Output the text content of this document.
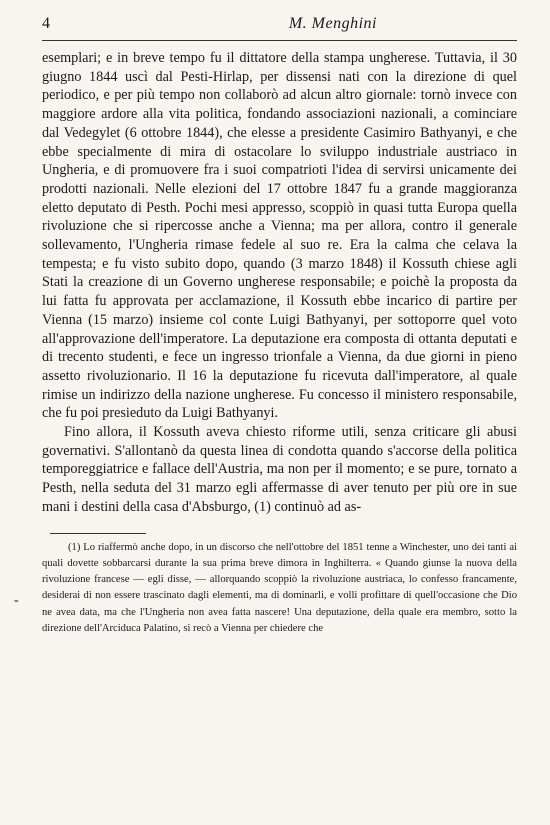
4	M. Menghini

esemplari; e in breve tempo fu il dittatore della stampa ungherese. Tuttavia, il 30 giugno 1844 uscì dal Pesti-Hirlap, per dissensi nati con la direzione di quel periodico, e per più tempo non collaborò ad alcun altro giornale: tornò invece con maggiore ardore alla vita politica, fondando associazioni nazionali, a cominciare dal Vedegylet (6 ottobre 1844), che elesse a presidente Casimiro Bathyanyi, e che ebbe specialmente di mira di ostacolare lo sviluppo industriale austriaco in Ungheria, e di promuovere fra i suoi compatrioti l'idea di servirsi unicamente dei prodotti nazionali. Nelle elezioni del 17 ottobre 1847 fu a grande maggioranza eletto deputato di Pesth. Pochi mesi appresso, scoppiò in quasi tutta Europa quella rivoluzione che si ripercosse anche a Vienna; ma per allora, contro il generale sollevamento, l'Ungheria rimase fedele al suo re. Era la calma che celava la tempesta; e fu visto subito dopo, quando (3 marzo 1848) il Kossuth chiese agli Stati la creazione di un Governo ungherese responsabile; e poichè la proposta da lui fatta fu approvata per acclamazione, il Kossuth ebbe incarico di partire per Vienna (15 marzo) insieme col conte Luigi Bathyanyi, per sottoporre quel voto all'approvazione dell'imperatore. La deputazione era composta di ottanta deputati e di trecento studenti, e fece un ingresso trionfale a Vienna, da due giorni in pieno assetto rivoluzionario. Il 16 la deputazione fu ricevuta dall'imperatore, al quale rimise un indirizzo della nazione ungherese. Fu concesso il ministero responsabile, che fu poi presieduto da Luigi Bathyanyi.

Fino allora, il Kossuth aveva chiesto riforme utili, senza criticare gli abusi governativi. S'allontanò da questa linea di condotta quando s'accorse della politica temporeggiatrice e fallace dell'Austria, ma non per il momento; e se pure, tornato a Pesth, nella seduta del 31 marzo egli affermasse di aver tenuto per più ore in sue mani i destini della casa d'Absburgo, (1) continuò ad as-

(1) Lo riaffermò anche dopo, in un discorso che nell'ottobre del 1851 tenne a Winchester, uno dei tanti ai quali dovette sobbarcarsi durante la sua prima breve dimora in Inghilterra. « Quando giunse la nuova della rivoluzione francese — egli disse, — allorquando scoppiò la rivoluzione austriaca, lo confesso francamente, desiderai di non essere trascinato dagli elementi, ma di dominarli, e volli profittare di quell'occasione che Dio ne avea data, ma che l'Ungheria non avea fatta nascere! Una deputazione, della quale era membro, sotto la direzione dell'Arciduca Palatino, si recò a Vienna per chiedere che

-
